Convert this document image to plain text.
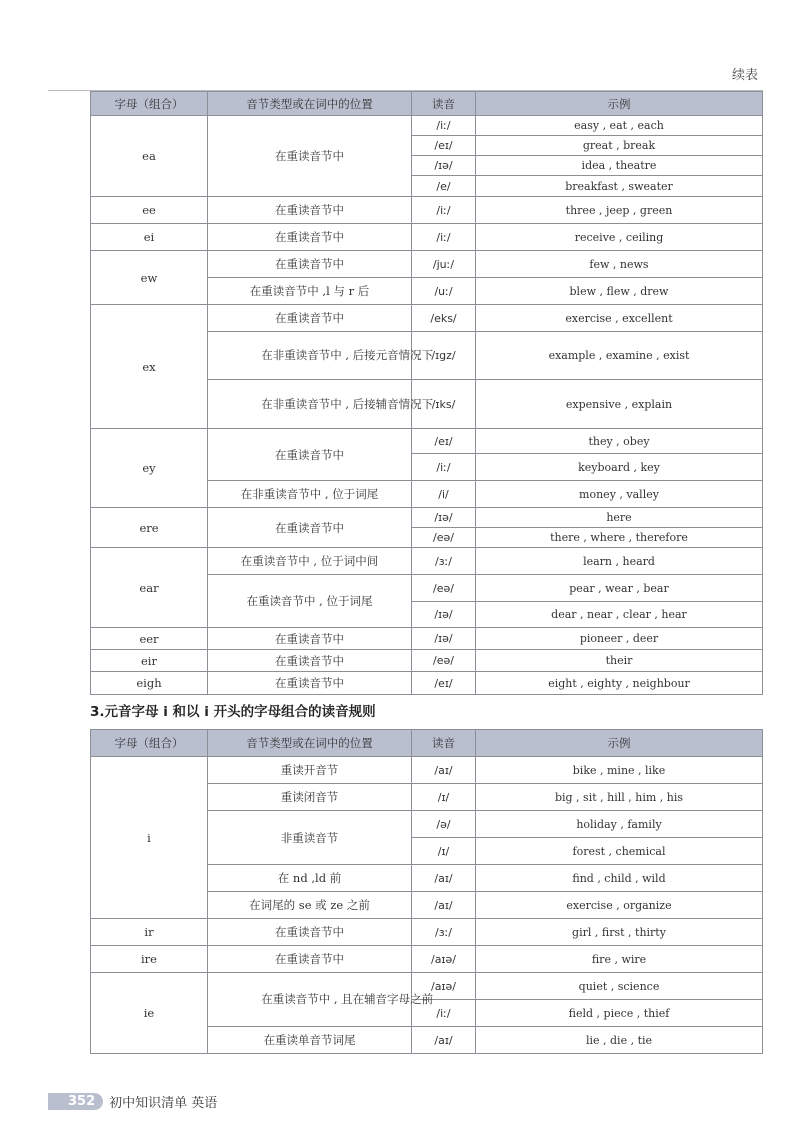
续表
字母（组合）	音节类型或在词中的位置	读音	示例
ea	在重读音节中	/iː/	easy , eat , each
		/eɪ/	great , break
		/ɪə/	idea , theatre
		/e/	breakfast , sweater
ee	在重读音节中	/iː/	three , jeep , green
ei	在重读音节中	/iː/	receive , ceiling
ew	在重读音节中	/juː/	few , news
	在重读音节中 ,l 与 r 后	/uː/	blew , flew , drew
ex	在重读音节中	/eks/	exercise , excellent

	在非重读音节中 , 后接元音情况下	/ɪgz/	example , examine , exist

	在非重读音节中 , 后接辅音情况下	/ɪks/	expensive , explain
ey	在重读音节中	/eɪ/	they , obey
		/iː/	keyboard , key
	在非重读音节中 , 位于词尾	/i/	money , valley
ere	在重读音节中	/ɪə/	here
		/eə/	there , where , therefore
ear	在重读音节中 , 位于词中间	/ɜː/	learn , heard
	在重读音节中 , 位于词尾	/eə/	pear , wear , bear
		/ɪə/	dear , near , clear , hear
eer	在重读音节中	/ɪə/	pioneer , deer
eir	在重读音节中	/eə/	their
eigh	在重读音节中	/eɪ/	eight , eighty , neighbour
3.元音字母 i 和以 i 开头的字母组合的读音规则
字母（组合）	音节类型或在词中的位置	读音	示例
i	重读开音节	/aɪ/	bike , mine , like
	重读闭音节	/ɪ/	big , sit , hill , him , his
	非重读音节	/ə/	holiday , family
		/ɪ/	forest , chemical
	在 nd ,ld 前	/aɪ/	find , child , wild
	在词尾的 se 或 ze 之前	/aɪ/	exercise , organize
ir	在重读音节中	/ɜː/	girl , first , thirty
ire	在重读音节中	/aɪə/	fire , wire
ie	在重读音节中 , 且在辅音字母之前	/aɪə/	quiet , science
		/iː/	field , piece , thief
	在重读单音节词尾	/aɪ/	lie , die , tie
352	初中知识清单 英语
